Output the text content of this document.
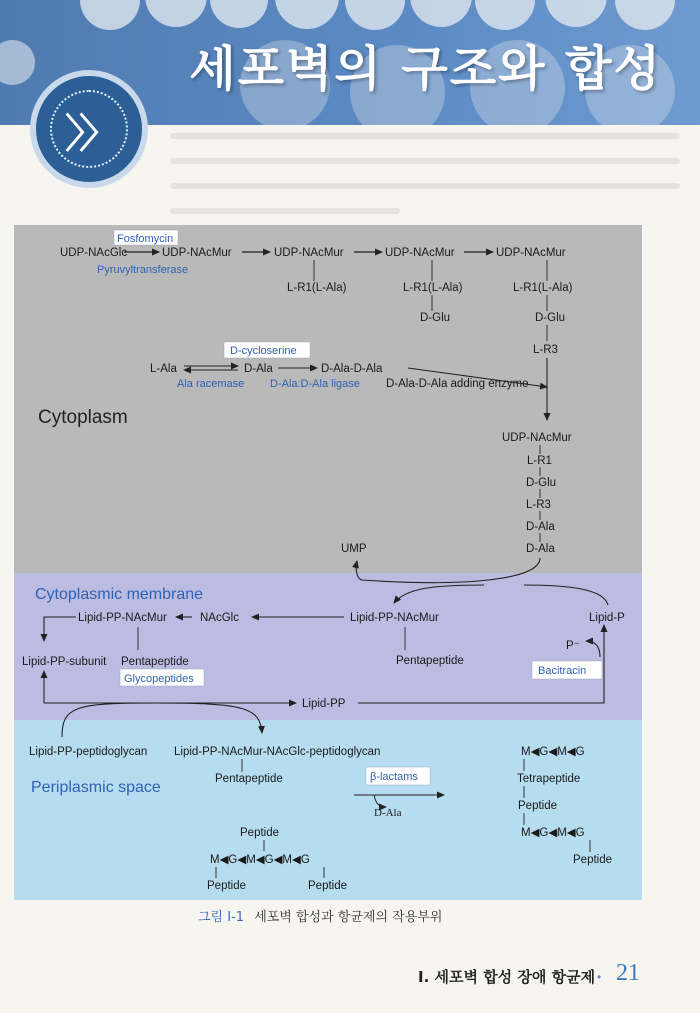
세포벽의 구조와 합성
〉〉
Cytoplasm
Cytoplasmic membrane
Periplasmic space
Fosfomycin
UDP-NAcGlc
Pyruvyltransferase
UDP-NAcMur	UDP-NAcMur	UDP-NAcMur	UDP-NAcMur
L-R1(L-Ala)	L-R1(L-Ala)
D-Glu
L-R1(L-Ala)
D-Glu
L-R3
D-cycloserine
L-Ala	D-Ala	D-Ala-D-Ala
Ala racemase D-Ala:D-Ala ligase D-Ala-D-Ala adding enzyme
UDP-NAcMur
L-R1
D-Glu
L-R3
D-Ala
D-Ala
UMP
Lipid-PP-NAcMur	NAcGlc	Lipid-PP-NAcMur	Lipid-P
Pentapeptide
Lipid-PP-subunit Pentapeptide
Glycopeptides
P⁻
Bacitracin
Lipid-PP
Lipid-PP-peptidoglycan Lipid-PP-NAcMur-NAcGlc-peptidoglycan
Pentapeptide	β-lactams
D-Ala
M◀G◀M◀G
Tetrapeptide
Peptide
M◀G◀M◀G
Peptide
Peptide
M◀G◀M◀G◀M◀G
Peptide	Peptide

그림 I-1 세포벽 합성과 항균제의 작용부위

I. 세포벽 합성 장애 항균제 • 21
